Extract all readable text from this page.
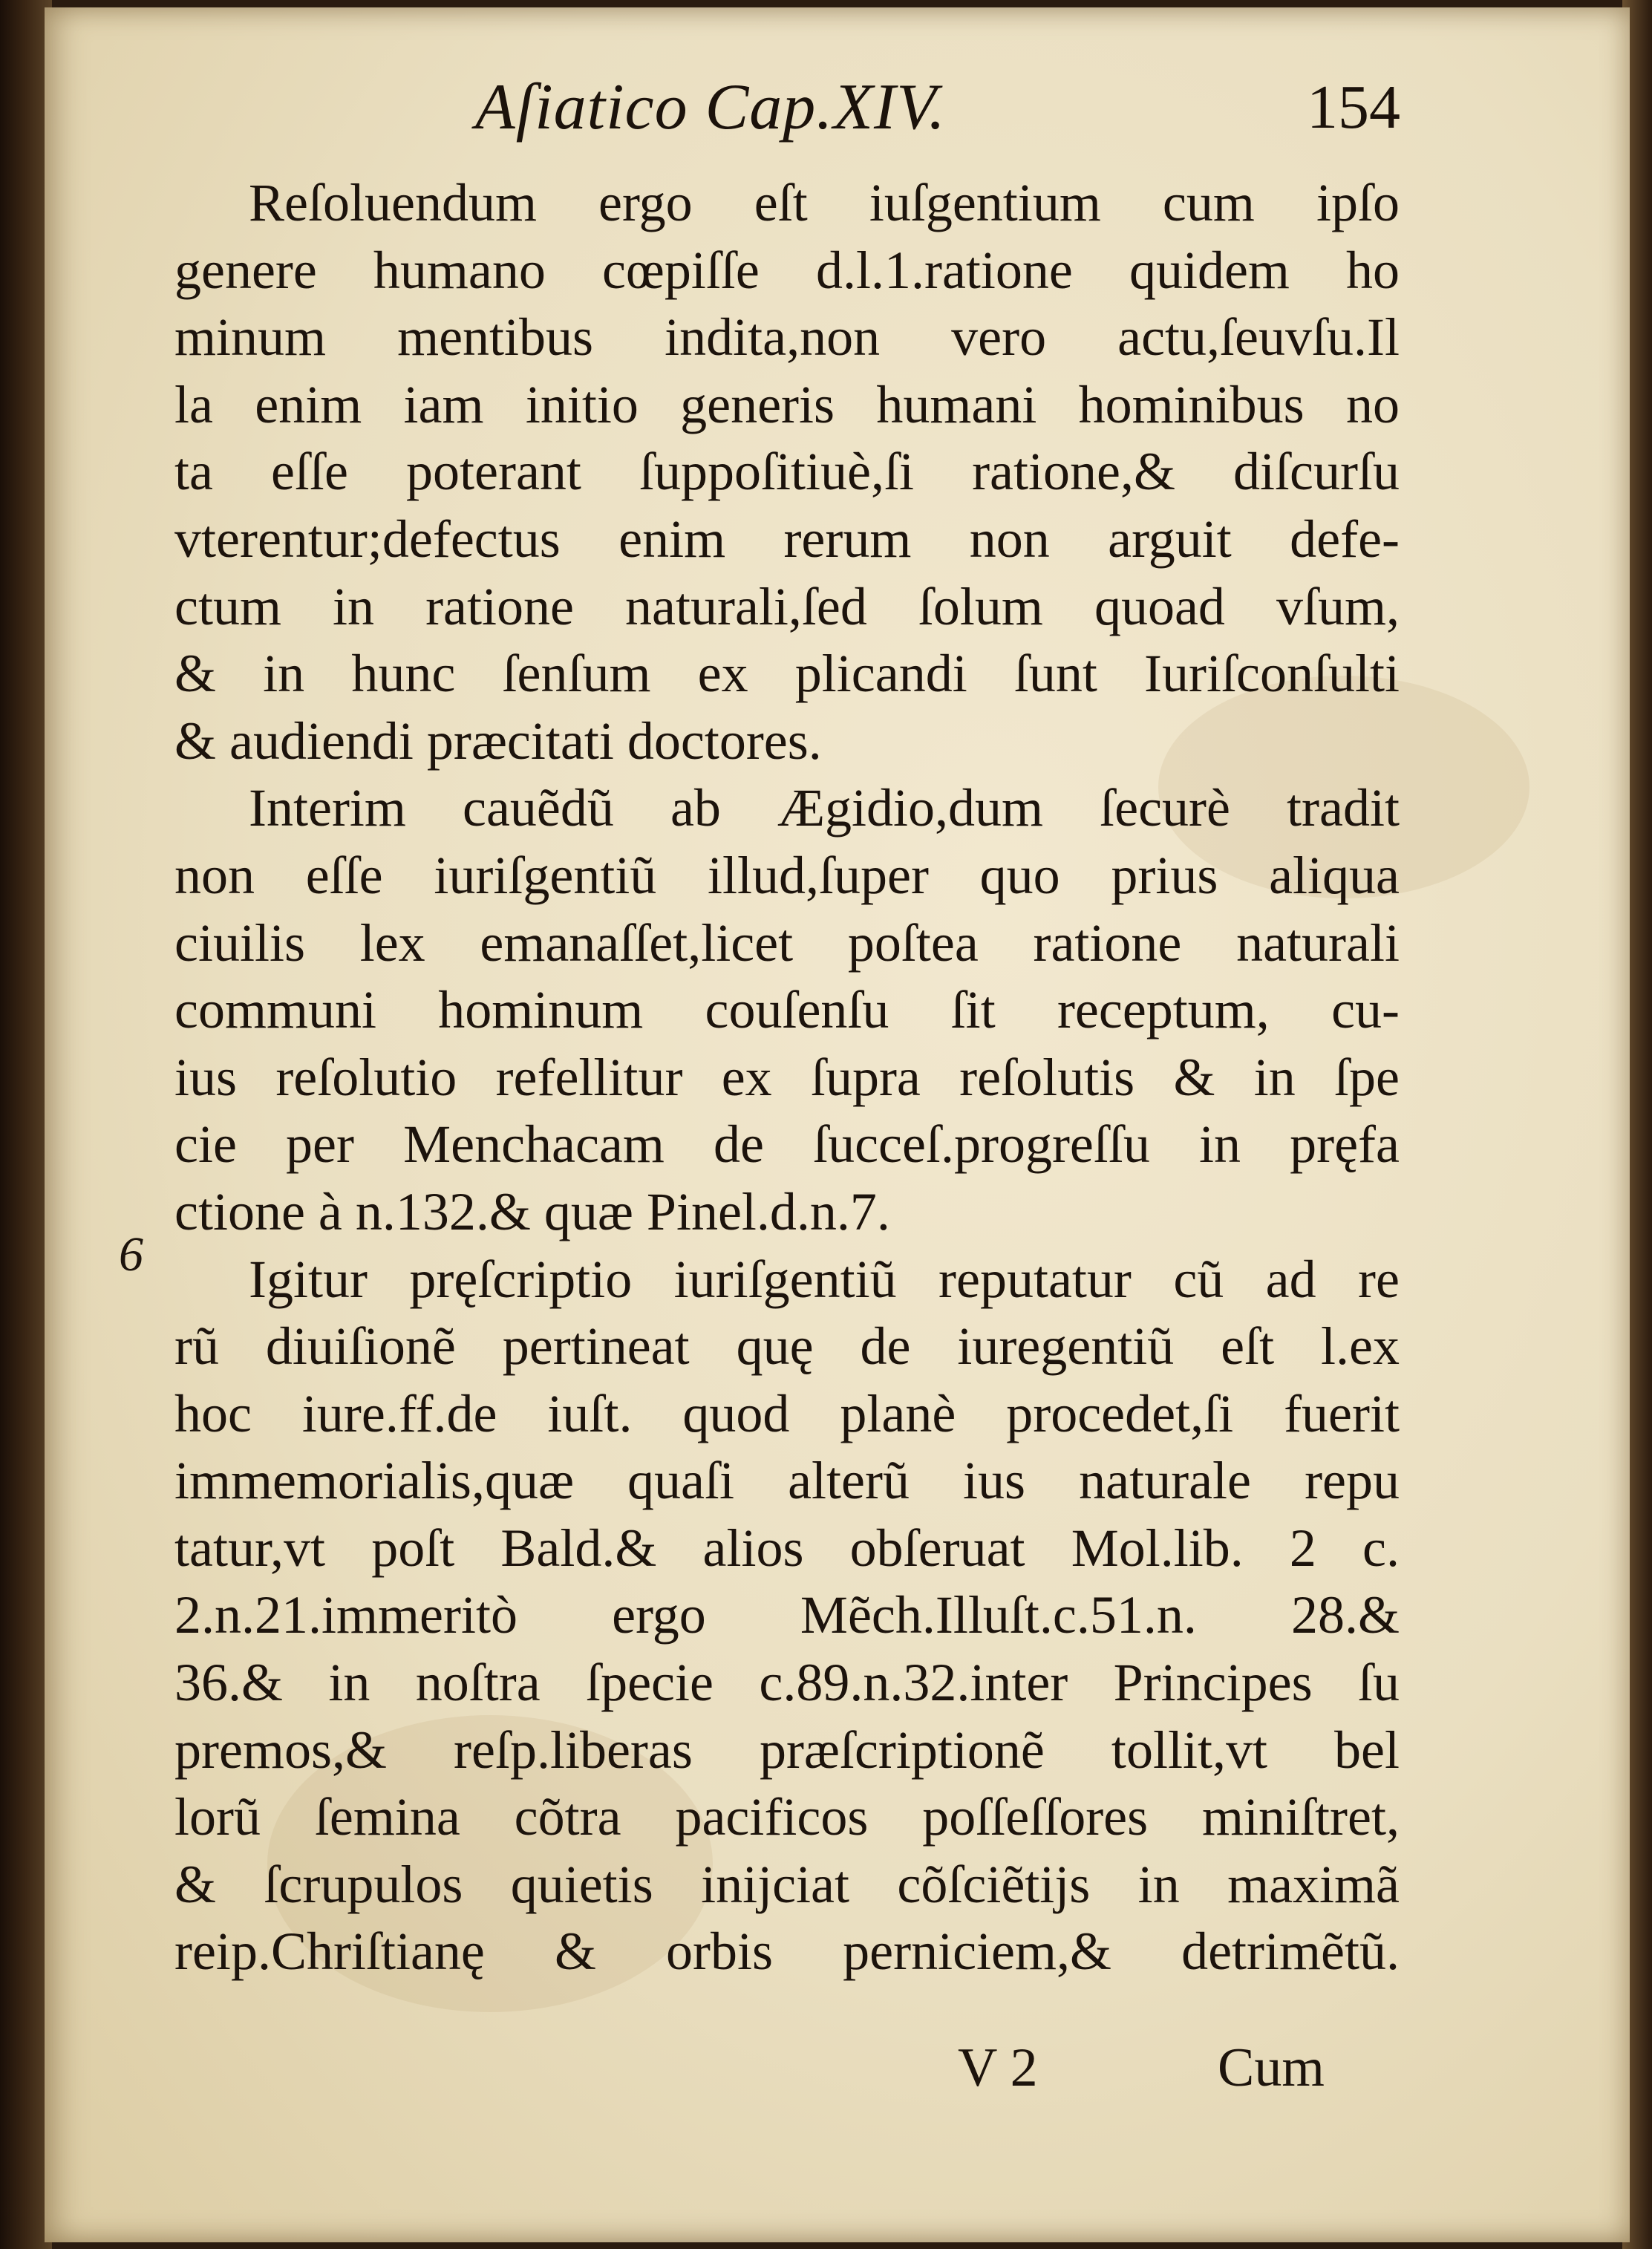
Aſiatico Cap.XIV.	154
6
Reſoluendum ergo eſt iuſgentium cum ipſo
genere humano cœpiſſe d.l.1.ratione quidem ho
minum mentibus indita,non vero actu,ſeuvſu.Il
la enim iam initio generis humani hominibus no
ta eſſe poterant ſuppoſitiuè,ſi ratione,& diſcurſu
vterentur;defectus enim rerum non arguit defe-
ctum in ratione naturali,ſed ſolum quoad vſum,
& in hunc ſenſum ex plicandi ſunt Iuriſconſulti
& audiendi præcitati doctores.
Interim cauẽdũ ab Ægidio,dum ſecurè tradit
non eſſe iuriſgentiũ illud,ſuper quo prius aliqua
ciuilis lex emanaſſet,licet poſtea ratione naturali
communi hominum couſenſu ſit receptum, cu-
ius reſolutio refellitur ex ſupra reſolutis & in ſpe
cie per Menchacam de ſucceſ.progreſſu in pręfa
ctione à n.132.& quæ Pinel.d.n.7.
Igitur pręſcriptio iuriſgentiũ reputatur cũ ad re
rũ diuiſionẽ pertineat quę de iuregentiũ eſt l.ex
hoc iure.ff.de iuſt. quod planè procedet,ſi fuerit
immemorialis,quæ quaſi alterũ ius naturale repu
tatur,vt poſt Bald.& alios obſeruat Mol.lib. 2 c.
2.n.21.immeritò ergo Mẽch.Illuſt.c.51.n. 28.&
36.& in noſtra ſpecie c.89.n.32.inter Principes ſu
premos,& reſp.liberas præſcriptionẽ tollit,vt bel
lorũ ſemina cõtra pacificos poſſeſſores miniſtret,
& ſcrupulos quietis inijciat cõſciẽtijs in maximã
reip.Chriſtianę & orbis perniciem,& detrimẽtũ.
V 2	Cum
